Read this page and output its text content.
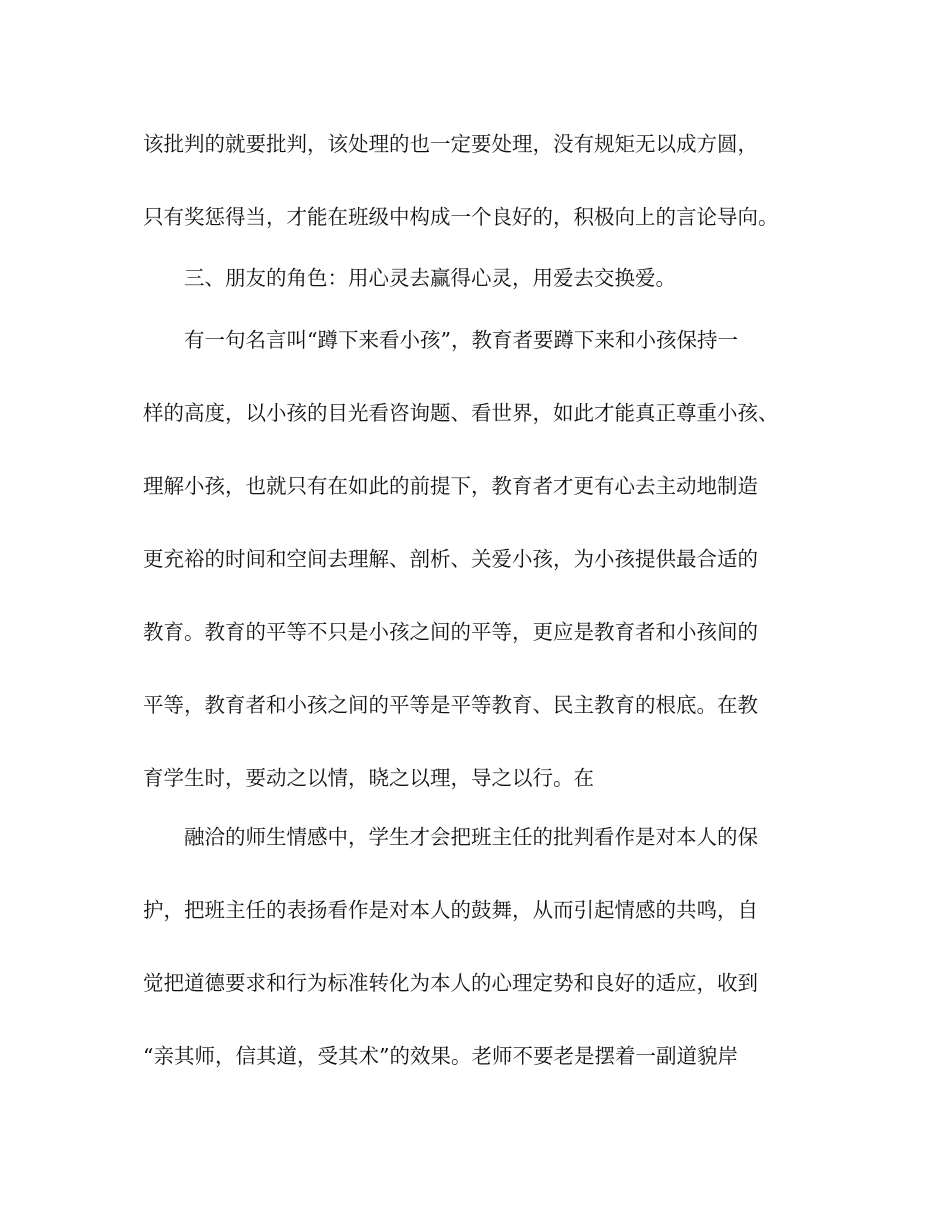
该批判的就要批判，该处理的也一定要处理，没有规矩无以成方圆，

只有奖惩得当，才能在班级中构成一个良好的，积极向上的言论导向。

三、朋友的角色：用心灵去赢得心灵，用爱去交换爱。

有一句名言叫“蹲下来看小孩”，教育者要蹲下来和小孩保持一

样的高度，以小孩的目光看咨询题、看世界，如此才能真正尊重小孩、

理解小孩，也就只有在如此的前提下，教育者才更有心去主动地制造

更充裕的时间和空间去理解、剖析、关爱小孩，为小孩提供最合适的

教育。教育的平等不只是小孩之间的平等，更应是教育者和小孩间的

平等，教育者和小孩之间的平等是平等教育、民主教育的根底。在教

育学生时，要动之以情，晓之以理，导之以行。在

融洽的师生情感中，学生才会把班主任的批判看作是对本人的保

护，把班主任的表扬看作是对本人的鼓舞，从而引起情感的共鸣，自

觉把道德要求和行为标准转化为本人的心理定势和良好的适应，收到

“亲其师，信其道，受其术”的效果。老师不要老是摆着一副道貌岸
